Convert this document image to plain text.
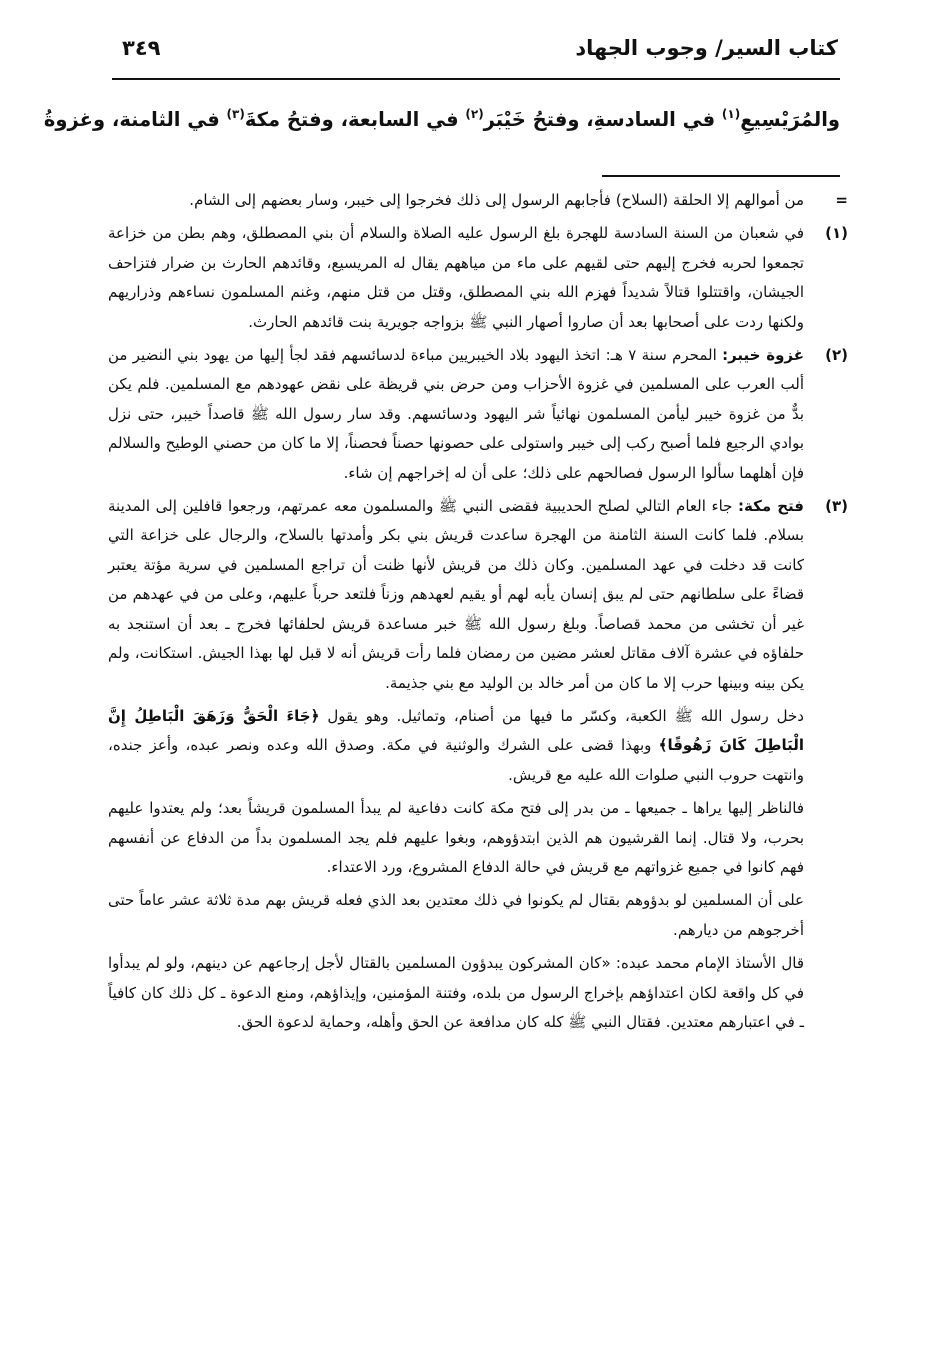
كتاب السير/ وجوب الجهاد
٣٤٩
والمُرَيْسِيعِ$^{(١)}$ في السادسةِ، وفتحُ خَيْبَر$^{(٢)}$ في السابعة، وفتحُ مكةَ$^{(٣)}$ في الثامنة، وغزوةُ

=
من أموالهم إلا الحلقة (السلاح) فأجابهم الرسول إلى ذلك فخرجوا إلى خيبر، وسار بعضهم إلى الشام.

(١)
في شعبان من السنة السادسة للهجرة بلغ الرسول عليه الصلاة والسلام أن بني المصطلق، وهم بطن من خزاعة تجمعوا لحربه فخرج إليهم حتى لقيهم على ماء من مياههم يقال له المريسيع، وقائدهم الحارث بن ضرار فتزاحف الجيشان، واقتتلوا قتالاً شديداً فهزم الله بني المصطلق، وقتل من قتل منهم، وغنم المسلمون نساءهم وذراريهم ولكنها ردت على أصحابها بعد أن صاروا أصهار النبي ﷺ بزواجه جويرية بنت قائدهم الحارث.

(٢)
غزوة خيبر: المحرم سنة ٧ هـ: اتخذ اليهود بلاد الخيبريين مباءة لدسائسهم فقد لجأ إليها من يهود بني النضير من ألب العرب على المسلمين في غزوة الأحزاب ومن حرض بني قريظة على نقض عهودهم مع المسلمين. فلم يكن بدٌّ من غزوة خيبر ليأمن المسلمون نهائياً شر اليهود ودسائسهم. وقد سار رسول الله ﷺ قاصداً خيبر، حتى نزل بوادي الرجيع فلما أصبح ركب إلى خيبر واستولى على حصونها حصناً فحصناً، إلا ما كان من حصني الوطيح والسلالم فإن أهلهما سألوا الرسول فصالحهم على ذلك؛ على أن له إخراجهم إن شاء.

(٣)
فتح مكة: جاء العام التالي لصلح الحديبية فقضى النبي ﷺ والمسلمون معه عمرتهم، ورجعوا قافلين إلى المدينة بسلام. فلما كانت السنة الثامنة من الهجرة ساعدت قريش بني بكر وأمدتها بالسلاح، والرجال على خزاعة التي كانت قد دخلت في عهد المسلمين. وكان ذلك من قريش لأنها ظنت أن تراجع المسلمين في سرية مؤتة يعتبر قضاءً على سلطانهم حتى لم يبق إنسان يأبه لهم أو يقيم لعهدهم وزناً فلتعد حرباً عليهم، وعلى من في عهدهم من غير أن تخشى من محمد قصاصاً. وبلغ رسول الله ﷺ خبر مساعدة قريش لحلفائها فخرج ـ بعد أن استنجد به حلفاؤه في عشرة آلاف مقاتل لعشر مضين من رمضان فلما رأت قريش أنه لا قبل لها بهذا الجيش. استكانت، ولم يكن بينه وبينها حرب إلا ما كان من أمر خالد بن الوليد مع بني جذيمة.

دخل رسول الله ﷺ الكعبة، وكسّر ما فيها من أصنام، وتماثيل. وهو يقول ﴿جَاءَ الْحَقُّ وَزَهَقَ الْبَاطِلُ إِنَّ الْبَاطِلَ كَانَ زَهُوقًا﴾ وبهذا قضى على الشرك والوثنية في مكة. وصدق الله وعده ونصر عبده، وأعز جنده، وانتهت حروب النبي صلوات الله عليه مع قريش.

فالناظر إليها يراها ـ جميعها ـ من بدر إلى فتح مكة كانت دفاعية لم يبدأ المسلمون قريشاً بعد؛ ولم يعتدوا عليهم بحرب، ولا قتال. إنما القرشيون هم الذين ابتدؤوهم، وبغوا عليهم فلم يجد المسلمون بداً من الدفاع عن أنفسهم فهم كانوا في جميع غزواتهم مع قريش في حالة الدفاع المشروع، ورد الاعتداء.

على أن المسلمين لو بدؤوهم بقتال لم يكونوا في ذلك معتدين بعد الذي فعله قريش بهم مدة ثلاثة عشر عاماً حتى أخرجوهم من ديارهم.

قال الأستاذ الإمام محمد عبده: «كان المشركون يبدؤون المسلمين بالقتال لأجل إرجاعهم عن دينهم، ولو لم يبدأوا في كل واقعة لكان اعتداؤهم بإخراج الرسول من بلده، وفتنة المؤمنين، وإيذاؤهم، ومنع الدعوة ـ كل ذلك كان كافياً ـ في اعتبارهم معتدين. فقتال النبي ﷺ كله كان مدافعة عن الحق وأهله، وحماية لدعوة الحق.
